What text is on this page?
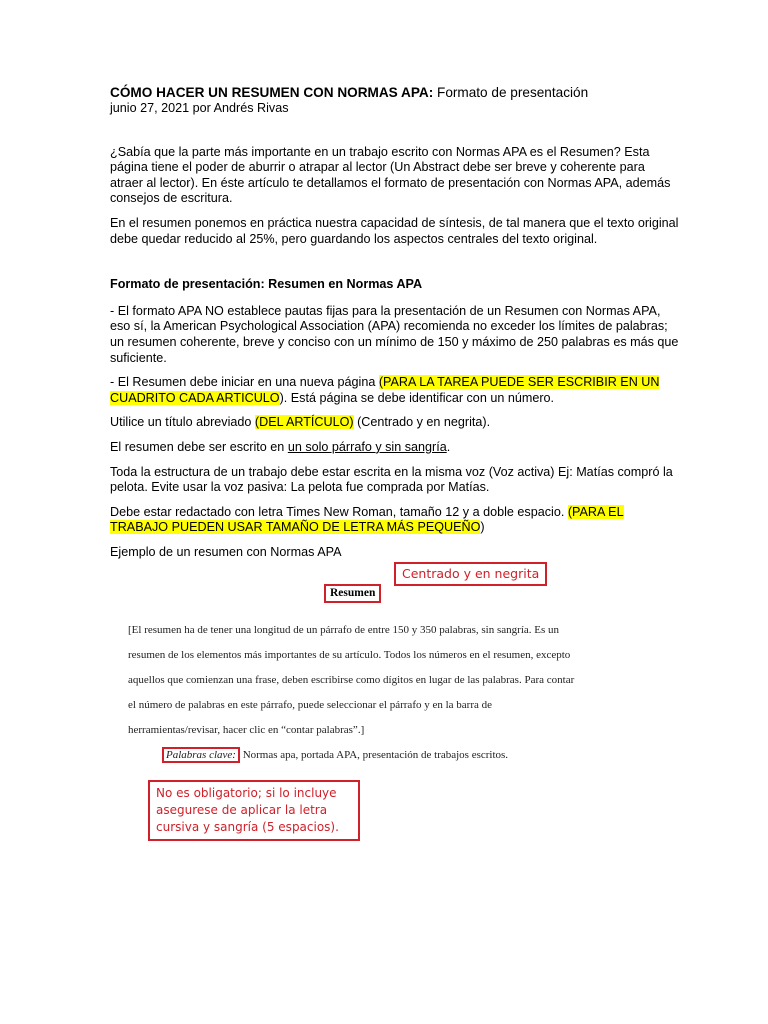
CÓMO HACER UN RESUMEN CON NORMAS APA: Formato de presentación
junio 27, 2021 por Andrés Rivas

¿Sabía que la parte más importante en un trabajo escrito con Normas APA es el Resumen? Esta página tiene el poder de aburrir o atrapar al lector (Un Abstract debe ser breve y coherente para atraer al lector). En éste artículo te detallamos el formato de presentación con Normas APA, además consejos de escritura.

En el resumen ponemos en práctica nuestra capacidad de síntesis, de tal manera que el texto original debe quedar reducido al 25%, pero guardando los aspectos centrales del texto original.

Formato de presentación: Resumen en Normas APA

- El formato APA NO establece pautas fijas para la presentación de un Resumen con Normas APA, eso sí, la American Psychological Association (APA) recomienda no exceder los límites de palabras; un resumen coherente, breve y conciso con un mínimo de 150 y máximo de 250 palabras es más que suficiente.

- El Resumen debe iniciar en una nueva página (PARA LA TAREA PUEDE SER ESCRIBIR EN UN CUADRITO CADA ARTICULO). Está página se debe identificar con un número.

Utilice un título abreviado (DEL ARTÍCULO) (Centrado y en negrita).

El resumen debe ser escrito en un solo párrafo y sin sangría.

Toda la estructura de un trabajo debe estar escrita en la misma voz (Voz activa) Ej: Matías compró la pelota. Evite usar la voz pasiva: La pelota fue comprada por Matías.

Debe estar redactado con letra Times New Roman, tamaño 12 y a doble espacio. (PARA EL TRABAJO PUEDEN USAR TAMAÑO DE LETRA MÁS PEQUEÑO)

Ejemplo de un resumen con Normas APA

Centrado y en negrita
Resumen
[El resumen ha de tener una longitud de un párrafo de entre 150 y 350 palabras, sin sangría. Es un resumen de los elementos más importantes de su artículo. Todos los números en el resumen, excepto aquellos que comienzan una frase, deben escribirse como dígitos en lugar de las palabras. Para contar el número de palabras en este párrafo, puede seleccionar el párrafo y en la barra de herramientas/revisar, hacer clic en “contar palabras”.]
Palabras clave: Normas apa, portada APA, presentación de trabajos escritos.
No es obligatorio; si lo incluye asegurese de aplicar la letra cursiva y sangría (5 espacios).
